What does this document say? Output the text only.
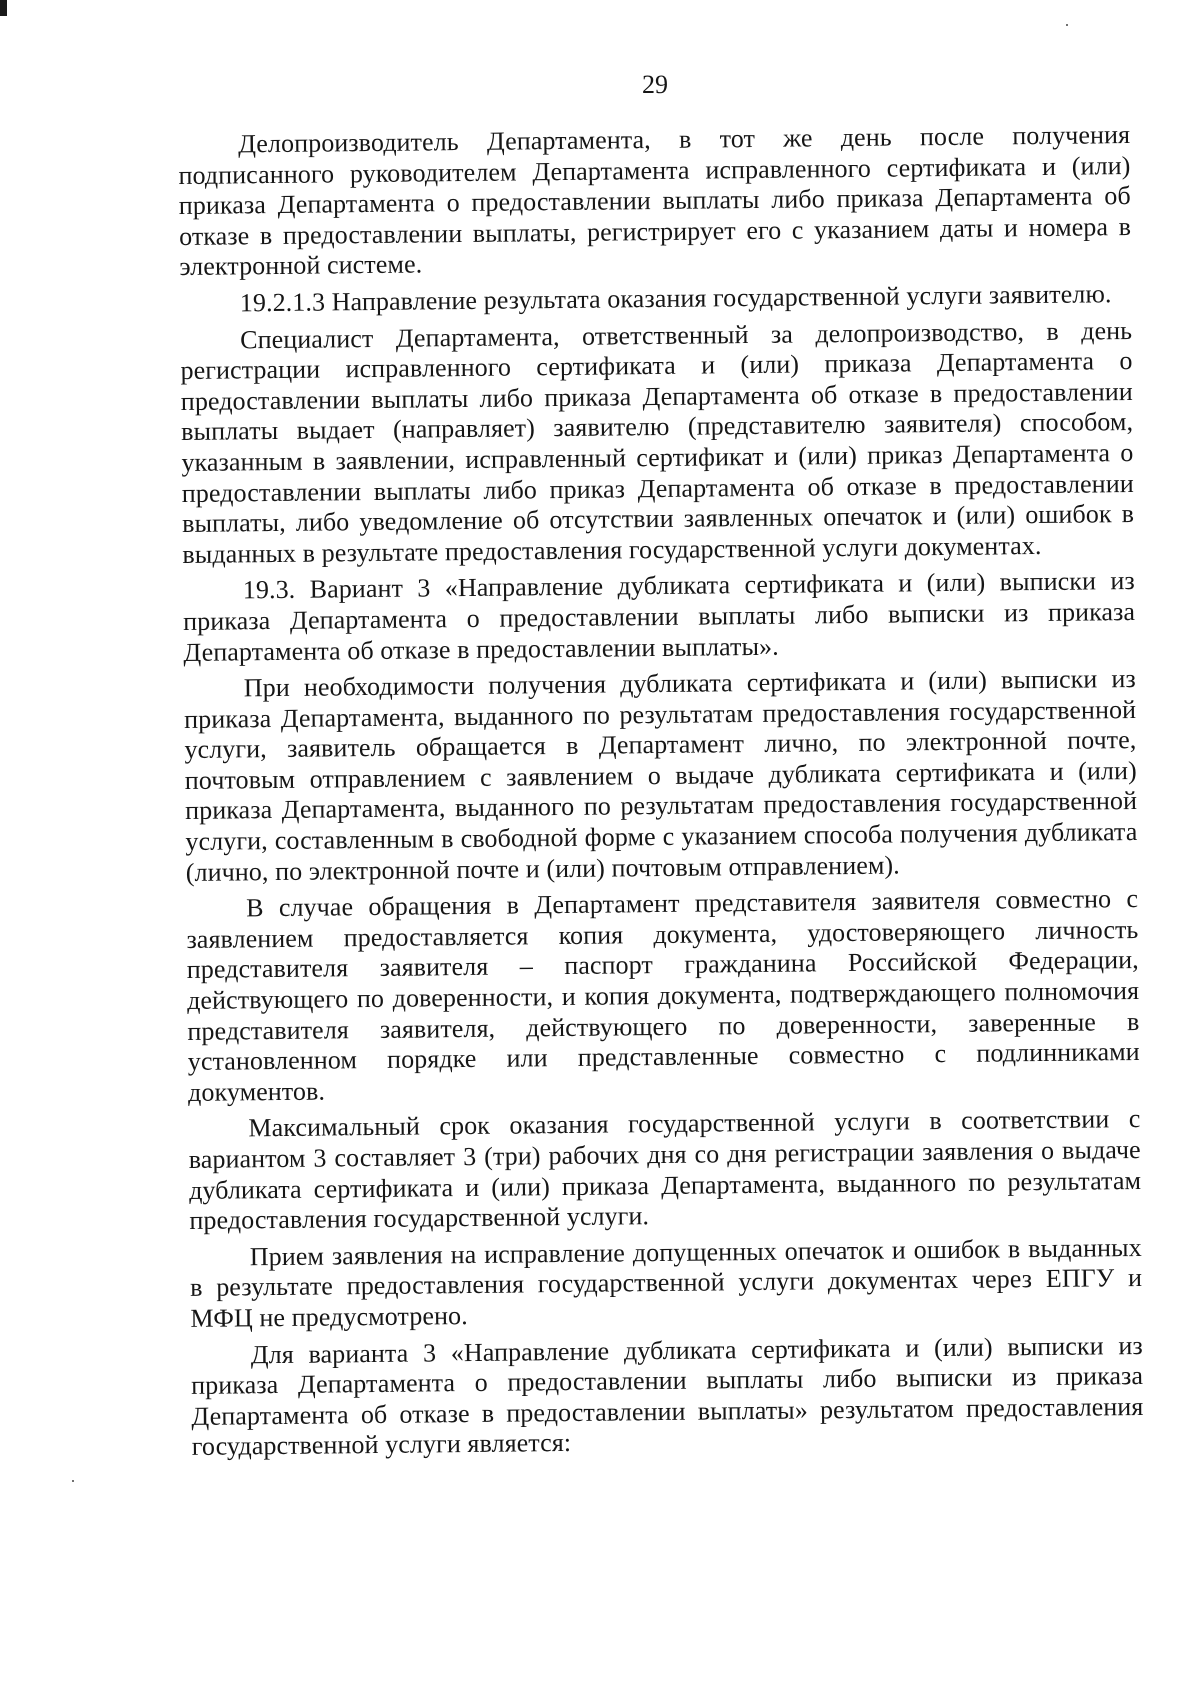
29

Делопроизводитель Департамента, в тот же день после получения подписанного руководителем Департамента исправленного сертификата и (или) приказа Департамента о предоставлении выплаты либо приказа Департамента об отказе в предоставлении выплаты, регистрирует его с указанием даты и номера в электронной системе.

19.2.1.3 Направление результата оказания государственной услуги заявителю.

Специалист Департамента, ответственный за делопроизводство, в день регистрации исправленного сертификата и (или) приказа Департамента о предоставлении выплаты либо приказа Департамента об отказе в предоставлении выплаты выдает (направляет) заявителю (представителю заявителя) способом, указанным в заявлении, исправленный сертификат и (или) приказ Департамента о предоставлении выплаты либо приказ Департамента об отказе в предоставлении выплаты, либо уведомление об отсутствии заявленных опечаток и (или) ошибок в выданных в результате предоставления государственной услуги документах.

19.3. Вариант 3 «Направление дубликата сертификата и (или) выписки из приказа Департамента о предоставлении выплаты либо выписки из приказа Департамента об отказе в предоставлении выплаты».

При необходимости получения дубликата сертификата и (или) выписки из приказа Департамента, выданного по результатам предоставления государственной услуги, заявитель обращается в Департамент лично, по электронной почте, почтовым отправлением с заявлением о выдаче дубликата сертификата и (или) приказа Департамента, выданного по результатам предоставления государственной услуги, составленным в свободной форме с указанием способа получения дубликата (лично, по электронной почте и (или) почтовым отправлением).

В случае обращения в Департамент представителя заявителя совместно с заявлением предоставляется копия документа, удостоверяющего личность представителя заявителя – паспорт гражданина Российской Федерации, действующего по доверенности, и копия документа, подтверждающего полномочия представителя заявителя, действующего по доверенности, заверенные в установленном порядке или представленные совместно с подлинниками документов.

Максимальный срок оказания государственной услуги в соответствии с вариантом 3 составляет 3 (три) рабочих дня со дня регистрации заявления о выдаче дубликата сертификата и (или) приказа Департамента, выданного по результатам предоставления государственной услуги.

Прием заявления на исправление допущенных опечаток и ошибок в выданных в результате предоставления государственной услуги документах через ЕПГУ и МФЦ не предусмотрено.

Для варианта 3 «Направление дубликата сертификата и (или) выписки из приказа Департамента о предоставлении выплаты либо выписки из приказа Департамента об отказе в предоставлении выплаты» результатом предоставления государственной услуги является:
